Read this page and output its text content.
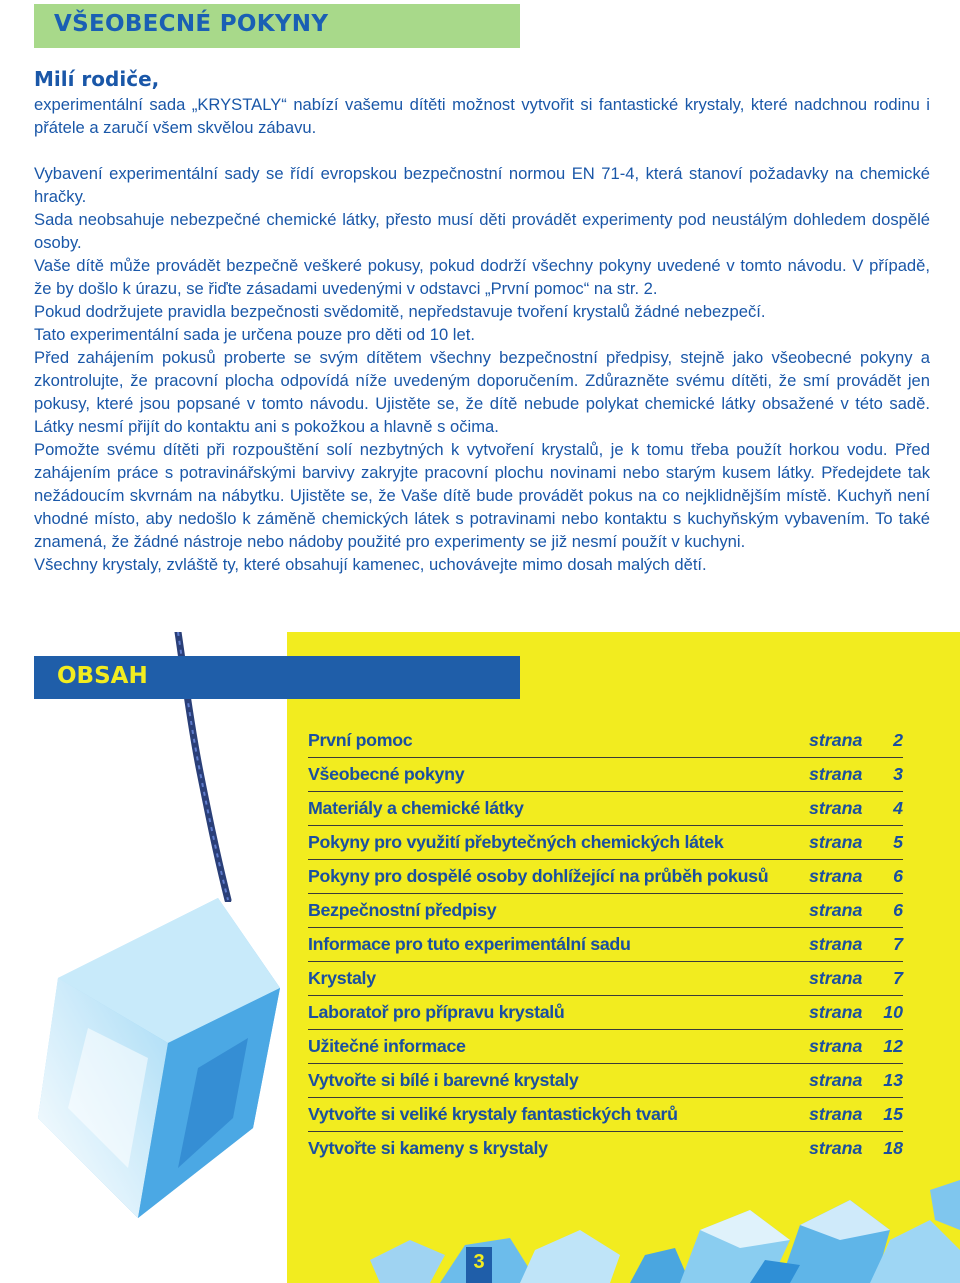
VŠEOBECNÉ POKYNY
Milí rodiče,

experimentální sada „KRYSTALY“ nabízí vašemu dítěti možnost vytvořit si fantastické krystaly, které nadchnou rodinu i přátele a zaručí všem skvělou zábavu.

Vybavení experimentální sady se řídí evropskou bezpečnostní normou EN 71-4, která stanoví požadavky na chemické hračky.

Sada neobsahuje nebezpečné chemické látky, přesto musí děti provádět experimenty pod neustálým dohledem dospělé osoby.

Vaše dítě může provádět bezpečně veškeré pokusy, pokud dodrží všechny pokyny uvedené v tomto návodu. V případě, že by došlo k úrazu, se řiďte zásadami uvedenými v odstavci „První pomoc“ na str. 2.

Pokud dodržujete pravidla bezpečnosti svědomitě, nepředstavuje tvoření krystalů žádné nebezpečí.

Tato experimentální sada je určena pouze pro děti od 10 let.

Před zahájením pokusů proberte se svým dítětem všechny bezpečnostní předpisy, stejně jako všeobecné pokyny a zkontrolujte, že pracovní plocha odpovídá níže uvedeným doporučením. Zdůrazněte svému dítěti, že smí provádět jen pokusy, které jsou popsané v tomto návodu. Ujistěte se, že dítě nebude polykat chemické látky obsažené v této sadě. Látky nesmí přijít do kontaktu ani s pokožkou a hlavně s očima.

Pomožte svému dítěti při rozpouštění solí nezbytných k vytvoření krystalů, je k tomu třeba použít horkou vodu. Před zahájením práce s potravinářskými barvivy zakryjte pracovní plochu novinami nebo starým kusem látky. Předejdete tak nežádoucím skvrnám na nábytku. Ujistěte se, že Vaše dítě bude provádět pokus na co nejklidnějším místě. Kuchyň není vhodné místo, aby nedošlo k záměně chemických látek s potravinami nebo kontaktu s kuchyňským vybavením. To také znamená, že žádné nástroje nebo nádoby použité pro experimenty se již nesmí použít v kuchyni.

Všechny krystaly, zvláště ty, které obsahují kamenec, uchovávejte mimo dosah malých dětí.

OBSAH
První pomoc	strana 2
Všeobecné pokyny	strana 3
Materiály a chemické látky	strana 4
Pokyny pro využití přebytečných chemických látek	strana 5
Pokyny pro dospělé osoby dohlížející na průběh pokusů strana 6
Bezpečnostní předpisy	strana 6
Informace pro tuto experimentální sadu	strana 7
Krystaly	strana 7
Laboratoř pro přípravu krystalů	strana 10
Užitečné informace	strana 12
Vytvořte si bílé i barevné krystaly	strana 13
Vytvořte si veliké krystaly fantastických tvarů	strana 15
Vytvořte si kameny s krystaly	strana 18
3
